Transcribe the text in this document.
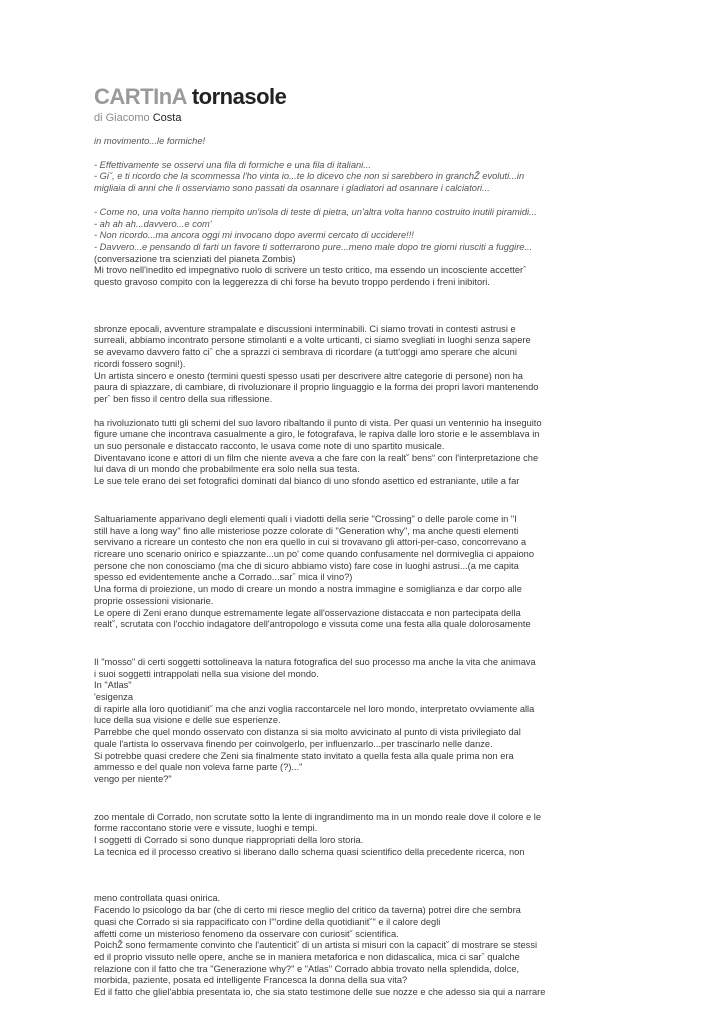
CARTInA tornasole
di Giacomo Costa

in movimento...le formiche!

- Effettivamente se osservi una fila di formiche e una fila di italiani...
- Gi˘, e ti ricordo che la scommessa l'ho vinta io...te lo dicevo che non si sarebbero in granchŽ evoluti...in
migliaia di anni che li osserviamo sono passati da osannare i gladiatori ad osannare i calciatori...

- Come no, una volta hanno riempito un'isola di teste di pietra, un'altra volta hanno costruito inutili piramidi...
- ah ah ah...davvero...e com'
- Non ricordo...ma ancora oggi mi invocano dopo avermi cercato di uccidere!!!
- Davvero...e pensando di farti un favore ti sotterrarono pure...meno male dopo tre giorni riusciti a fuggire...

(conversazione tra scienziati del pianeta Zombis)
Mi trovo nell'inedito ed impegnativo ruolo di scrivere un testo critico, ma essendo un incosciente accetterˆ
questo gravoso compito con la leggerezza di chi forse ha bevuto troppo perdendo i freni inibitori.

sbronze epocali, avventure strampalate e discussioni interminabili. Ci siamo trovati in contesti astrusi e
surreali, abbiamo incontrato persone stimolanti e a volte urticanti, ci siamo svegliati in luoghi senza sapere
se avevamo davvero fatto ciˆ che a sprazzi ci sembrava di ricordare (a tutt'oggi amo sperare che alcuni
ricordi fossero sogni!).
Un artista sincero e onesto (termini questi spesso usati per descrivere altre categorie di persone) non ha
paura di spiazzare, di cambiare, di rivoluzionare il proprio linguaggio e la forma dei propri lavori mantenendo
perˆ ben fisso il centro della sua riflessione.

ha rivoluzionato tutti gli schemi del suo lavoro ribaltando il punto di vista. Per quasi un ventennio ha inseguito
figure umane che incontrava casualmente a giro, le fotografava, le rapiva dalle loro storie e le assemblava in
un suo personale e distaccato racconto, le usava come note di uno spartito musicale.
Diventavano icone e attori di un film che niente aveva a che fare con la realt˘ bens“ con l'interpretazione che
lui dava di un mondo che probabilmente era solo nella sua testa.
Le sue tele erano dei set fotografici dominati dal bianco di uno sfondo asettico ed estraniante, utile a far

Saltuariamente apparivano degli elementi quali i viadotti della serie "Crossing" o delle parole come in "I
still have a long way" fino alle misteriose pozze colorate di "Generation why", ma anche questi elementi
servivano a ricreare un contesto che non era quello in cui si trovavano gli attori-per-caso, concorrevano a
ricreare uno scenario onirico e spiazzante...un po' come quando confusamente nel dormiveglia ci appaiono
persone che non conosciamo (ma che di sicuro abbiamo visto) fare cose in luoghi astrusi...(a me capita
spesso ed evidentemente anche a Corrado...sarˆ mica il vino?)
Una forma di proiezione, un modo di creare un mondo a nostra immagine e somiglianza e dar corpo alle
proprie ossessioni visionarie.
Le opere di Zeni erano dunque estremamente legate all'osservazione distaccata e non partecipata della
realt˘, scrutata con l'occhio indagatore dell'antropologo e vissuta come una festa alla quale dolorosamente

Il "mosso" di certi soggetti sottolineava la natura fotografica del suo processo ma anche la vita che animava
i suoi soggetti intrappolati nella sua visione del mondo.
In "Atlas"
'esigenza
di rapirle alla loro quotidianit˘ ma che anzi voglia raccontarcele nel loro mondo, interpretato ovviamente alla
luce della sua visione e delle sue esperienze.
Parrebbe che quel mondo osservato con distanza si sia molto avvicinato al punto di vista privilegiato dal
quale l'artista lo osservava finendo per coinvolgerlo, per influenzarlo...per trascinarlo nelle danze.
Si potrebbe quasi credere che Zeni sia finalmente stato invitato a quella festa alla quale prima non era
ammesso e del quale non voleva farne parte (?)..."
vengo per niente?"

zoo mentale di Corrado, non scrutate sotto la lente di ingrandimento ma in un mondo reale dove il colore e le
forme raccontano storie vere e vissute, luoghi e tempi.
I soggetti di Corrado si sono dunque riappropriati della loro storia.
La tecnica ed il processo creativo si liberano dallo schema quasi scientifico della precedente ricerca, non

meno controllata quasi onirica.
Facendo lo psicologo da bar (che di certo mi riesce meglio del critico da taverna) potrei dire che sembra
quasi che Corrado si sia rappacificato con l'"ordine della quotidianit˘" e il calore degli
affetti come un misterioso fenomeno da osservare con curiosit˘ scientifica.
PoichŽ sono fermamente convinto che l'autenticit˘ di un artista si misuri con la capacit˘ di mostrare se stessi
ed il proprio vissuto nelle opere, anche se in maniera metaforica e non didascalica, mica ci sarˆ qualche
relazione con il fatto che tra "Generazione why?" e "Atlas" Corrado abbia trovato nella splendida, dolce,
morbida, paziente, posata ed intelligente Francesca la donna della sua vita?
Ed il fatto che gliel'abbia presentata io, che sia stato testimone delle sue nozze e che adesso sia qui a narrare
